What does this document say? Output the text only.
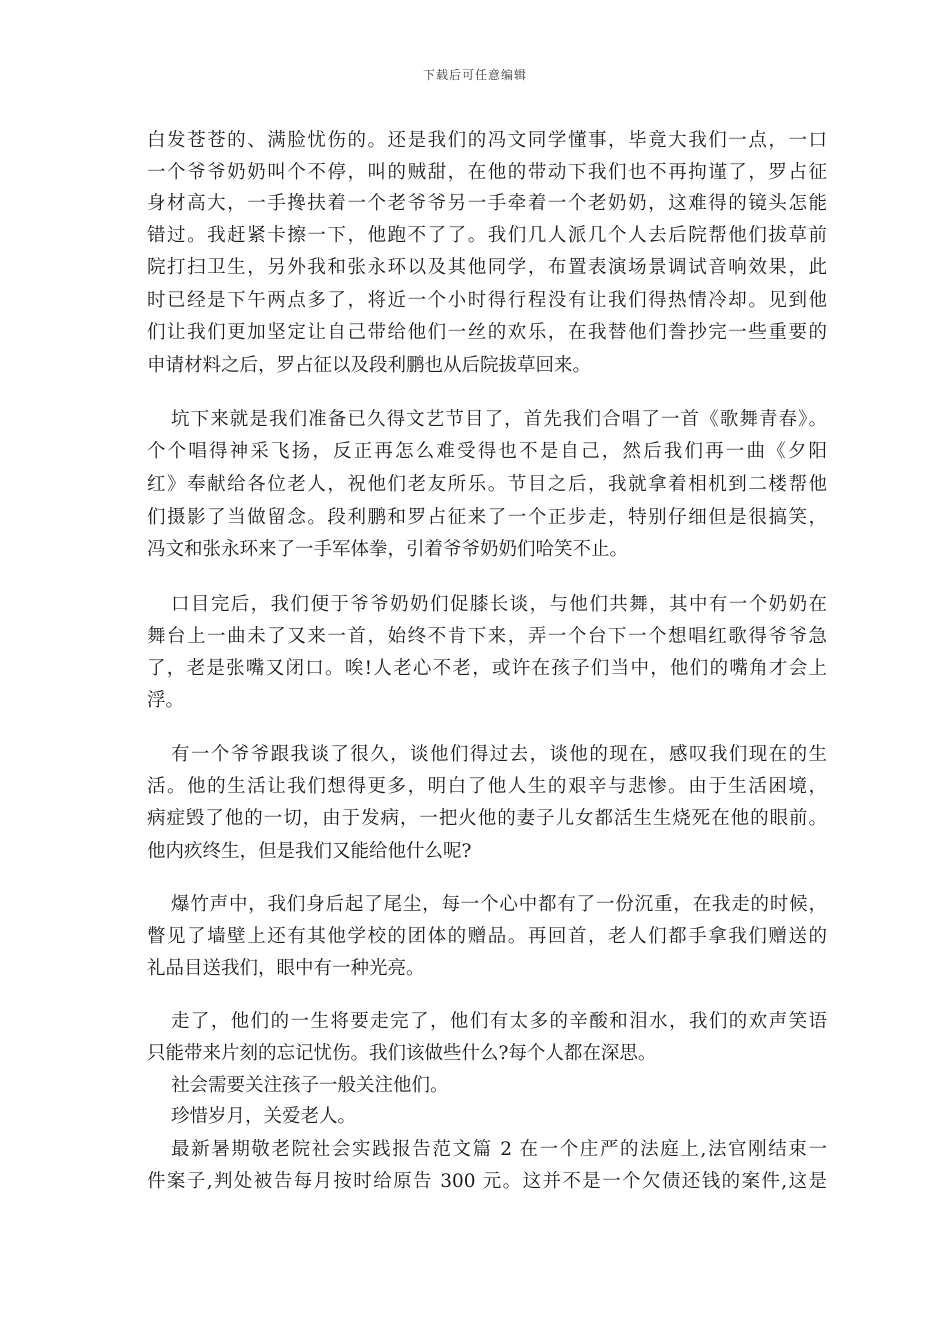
下载后可任意编辑
白发苍苍的、满脸忧伤的。还是我们的冯文同学懂事，毕竟大我们一点，一口
一个爷爷奶奶叫个不停，叫的贼甜，在他的带动下我们也不再拘谨了，罗占征
身材高大，一手搀扶着一个老爷爷另一手牵着一个老奶奶，这难得的镜头怎能
错过。我赶紧卡擦一下，他跑不了了。我们几人派几个人去后院帮他们拔草前
院打扫卫生，另外我和张永环以及其他同学，布置表演场景调试音响效果，此
时已经是下午两点多了，将近一个小时得行程没有让我们得热情冷却。见到他
们让我们更加坚定让自己带给他们一丝的欢乐，在我替他们誊抄完一些重要的
申请材料之后，罗占征以及段利鹏也从后院拔草回来。
坑下来就是我们准备已久得文艺节目了，首先我们合唱了一首《歌舞青春》。
个个唱得神采飞扬，反正再怎么难受得也不是自己，然后我们再一曲《夕阳
红》奉献给各位老人，祝他们老友所乐。节目之后，我就拿着相机到二楼帮他
们摄影了当做留念。段利鹏和罗占征来了一个正步走，特别仔细但是很搞笑，
冯文和张永环来了一手军体拳，引着爷爷奶奶们哈笑不止。
口目完后，我们便于爷爷奶奶们促膝长谈，与他们共舞，其中有一个奶奶在
舞台上一曲未了又来一首，始终不肯下来，弄一个台下一个想唱红歌得爷爷急
了，老是张嘴又闭口。唉!人老心不老，或许在孩子们当中，他们的嘴角才会上
浮。
有一个爷爷跟我谈了很久，谈他们得过去，谈他的现在，感叹我们现在的生
活。他的生活让我们想得更多，明白了他人生的艰辛与悲惨。由于生活困境，
病症毁了他的一切，由于发病，一把火他的妻子儿女都活生生烧死在他的眼前。
他内疚终生，但是我们又能给他什么呢?
爆竹声中，我们身后起了尾尘，每一个心中都有了一份沉重，在我走的时候，
瞥见了墙壁上还有其他学校的团体的赠品。再回首，老人们都手拿我们赠送的
礼品目送我们，眼中有一种光亮。
走了，他们的一生将要走完了，他们有太多的辛酸和泪水，我们的欢声笑语
只能带来片刻的忘记忧伤。我们该做些什么?每个人都在深思。
社会需要关注孩子一般关注他们。
珍惜岁月，关爱老人。
最新暑期敬老院社会实践报告范文篇 2 在一个庄严的法庭上,法官刚结束一
件案子,判处被告每月按时给原告 300 元。这并不是一个欠债还钱的案件,这是
